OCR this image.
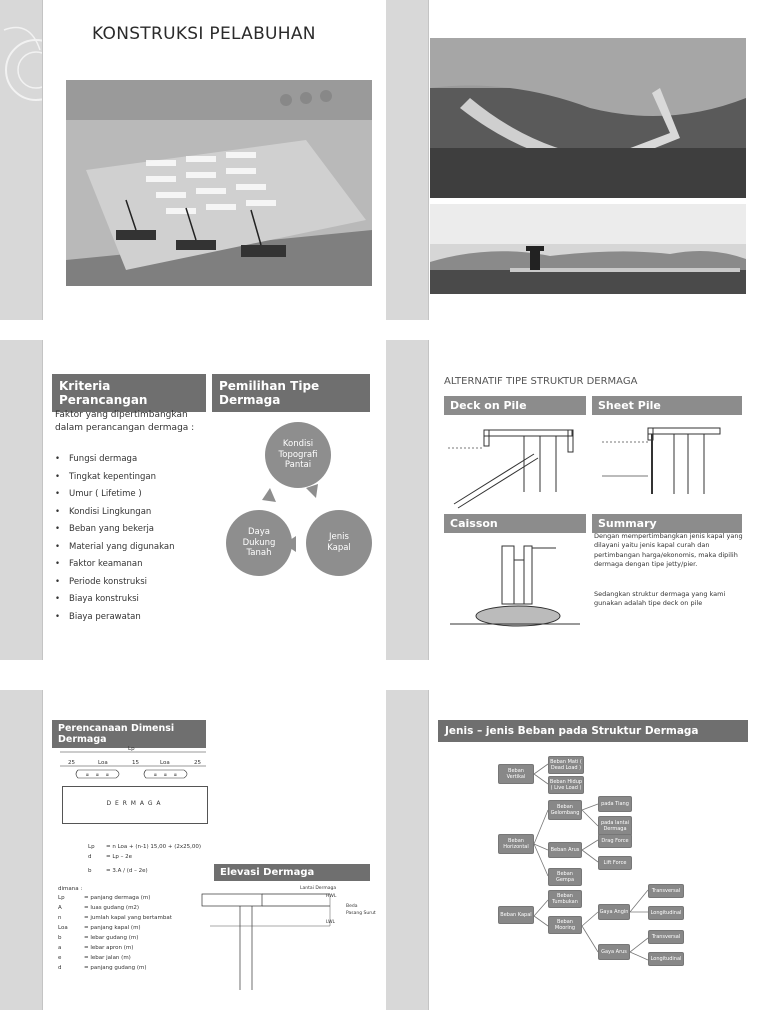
KONSTRUKSI PELABUHAN
Kriteria Perancangan
Pemilihan Tipe Dermaga
Faktor yang dipertimbangkan
dalam perancangan dermaga :
• Fungsi dermaga
• Tingkat kepentingan
• Umur ( Lifetime )
• Kondisi Lingkungan
• Beban yang bekerja
• Material yang digunakan
• Faktor keamanan
• Periode konstruksi
• Biaya konstruksi
• Biaya perawatan
Kondisi
Topografi
Pantai
Jenis
Kapal
Daya
Dukung
Tanah
ALTERNATIF TIPE STRUKTUR DERMAGA
Deck on Pile	Sheet Pile
Caisson	Summary
Dengan mempertimbangkan jenis kapal yang
dilayani yaitu jenis kapal curah dan
pertimbangan harga/ekonomis, maka dipilih
dermaga dengan tipe jetty/pier.
Sedangkan struktur dermaga yang kami
gunakan adalah tipe deck on pile
Perencanaan Dimensi Dermaga
⊠ ⊠ ⊠	⊠ ⊠ ⊠
Lp
25	Loa	15	Loa	25
D E R M A G A
Lp = n Loa + (n-1) 15,00 + (2x25,00)
d	= Lp – 2e
b	= 3.A / (d – 2e)
dimana :
Lp	= panjang dermaga (m)
A	= luas gudang (m2)
n	= jumlah kapal yang bertambat
Loa	= panjang kapal (m)
b	= lebar gudang (m)
a	= lebar apron (m)
e	= lebar jalan (m)
d	= panjang gudang (m)
Elevasi Dermaga
Lantai Dermaga
HWL
Beda
Pasang Surut
LWL
Jenis – jenis Beban pada Struktur Dermaga
Beban Vertikal
Beban Mati ( Dead Load )
Beban Hidup ( Live Load )
Beban Horizontal
Beban Gelombang
pada Tiang
pada lantai Dermaga
Beban Arus
Drag Force
Lift Force
Beban Gempa
Beban Kapal
Beban Tumbukan
Beban Mooring
Gaya Angin
Gaya Arus
Transversal
Longitudinal
Transversal
Longitudinal
